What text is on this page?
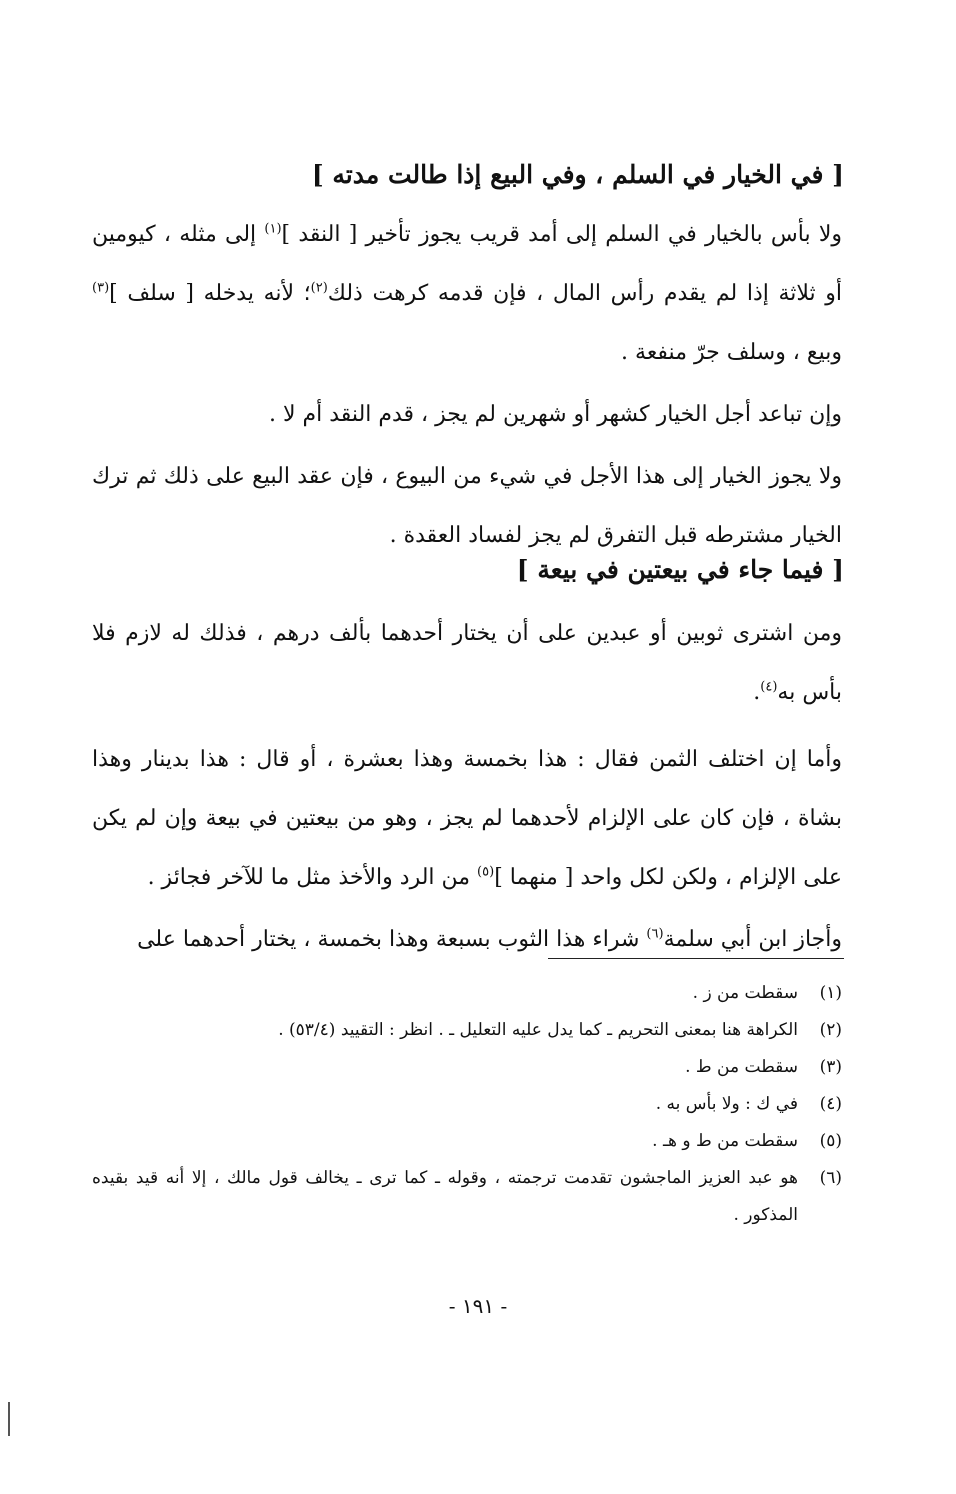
[ في الخيار في السلم ، وفي البيع إذا طالت مدته ]

ولا بأس بالخيار في السلم إلى أمد قريب يجوز تأخير [ النقد ]$^{(١)}$ إلى مثله ، كيومين أو ثلاثة إذا لم يقدم رأس المال ، فإن قدمه كرهت ذلك$^{(٢)}$؛ لأنه يدخله [ سلف ]$^{(٣)}$ وبيع ، وسلف جرّ منفعة .

وإن تباعد أجل الخيار كشهر أو شهرين لم يجز ، قدم النقد أم لا .

ولا يجوز الخيار إلى هذا الأجل في شيء من البيوع ، فإن عقد البيع على ذلك ثم ترك الخيار مشترطه قبل التفرق لم يجز لفساد العقدة .

[ فيما جاء في بيعتين في بيعة ]

ومن اشترى ثوبين أو عبدين على أن يختار أحدهما بألف درهم ، فذلك له لازم فلا بأس به$^{(٤)}$.

وأما إن اختلف الثمن فقال : هذا بخمسة وهذا بعشرة ، أو قال : هذا بدينار وهذا بشاة ، فإن كان على الإلزام لأحدهما لم يجز ، وهو من بيعتين في بيعة وإن لم يكن على الإلزام ، ولكن لكل واحد [ منهما ]$^{(٥)}$ من الرد والأخذ مثل ما للآخر فجائز .

وأجاز ابن أبي سلمة$^{(٦)}$ شراء هذا الثوب بسبعة وهذا بخمسة ، يختار أحدهما على

(١)
سقطت من ز .

(٢)
الكراهة هنا بمعنى التحريم ـ كما يدل عليه التعليل ـ . انظر : التقييد (٥٣/٤) .

(٣)
سقطت من ط .

(٤)
في ك : ولا بأس به .

(٥)
سقطت من ط و هـ .

(٦)
هو عبد العزيز الماجشون تقدمت ترجمته ، وقوله ـ كما ترى ـ يخالف قول مالك ، إلا أنه قيد بقيده المذكور .

- ١٩١ -
